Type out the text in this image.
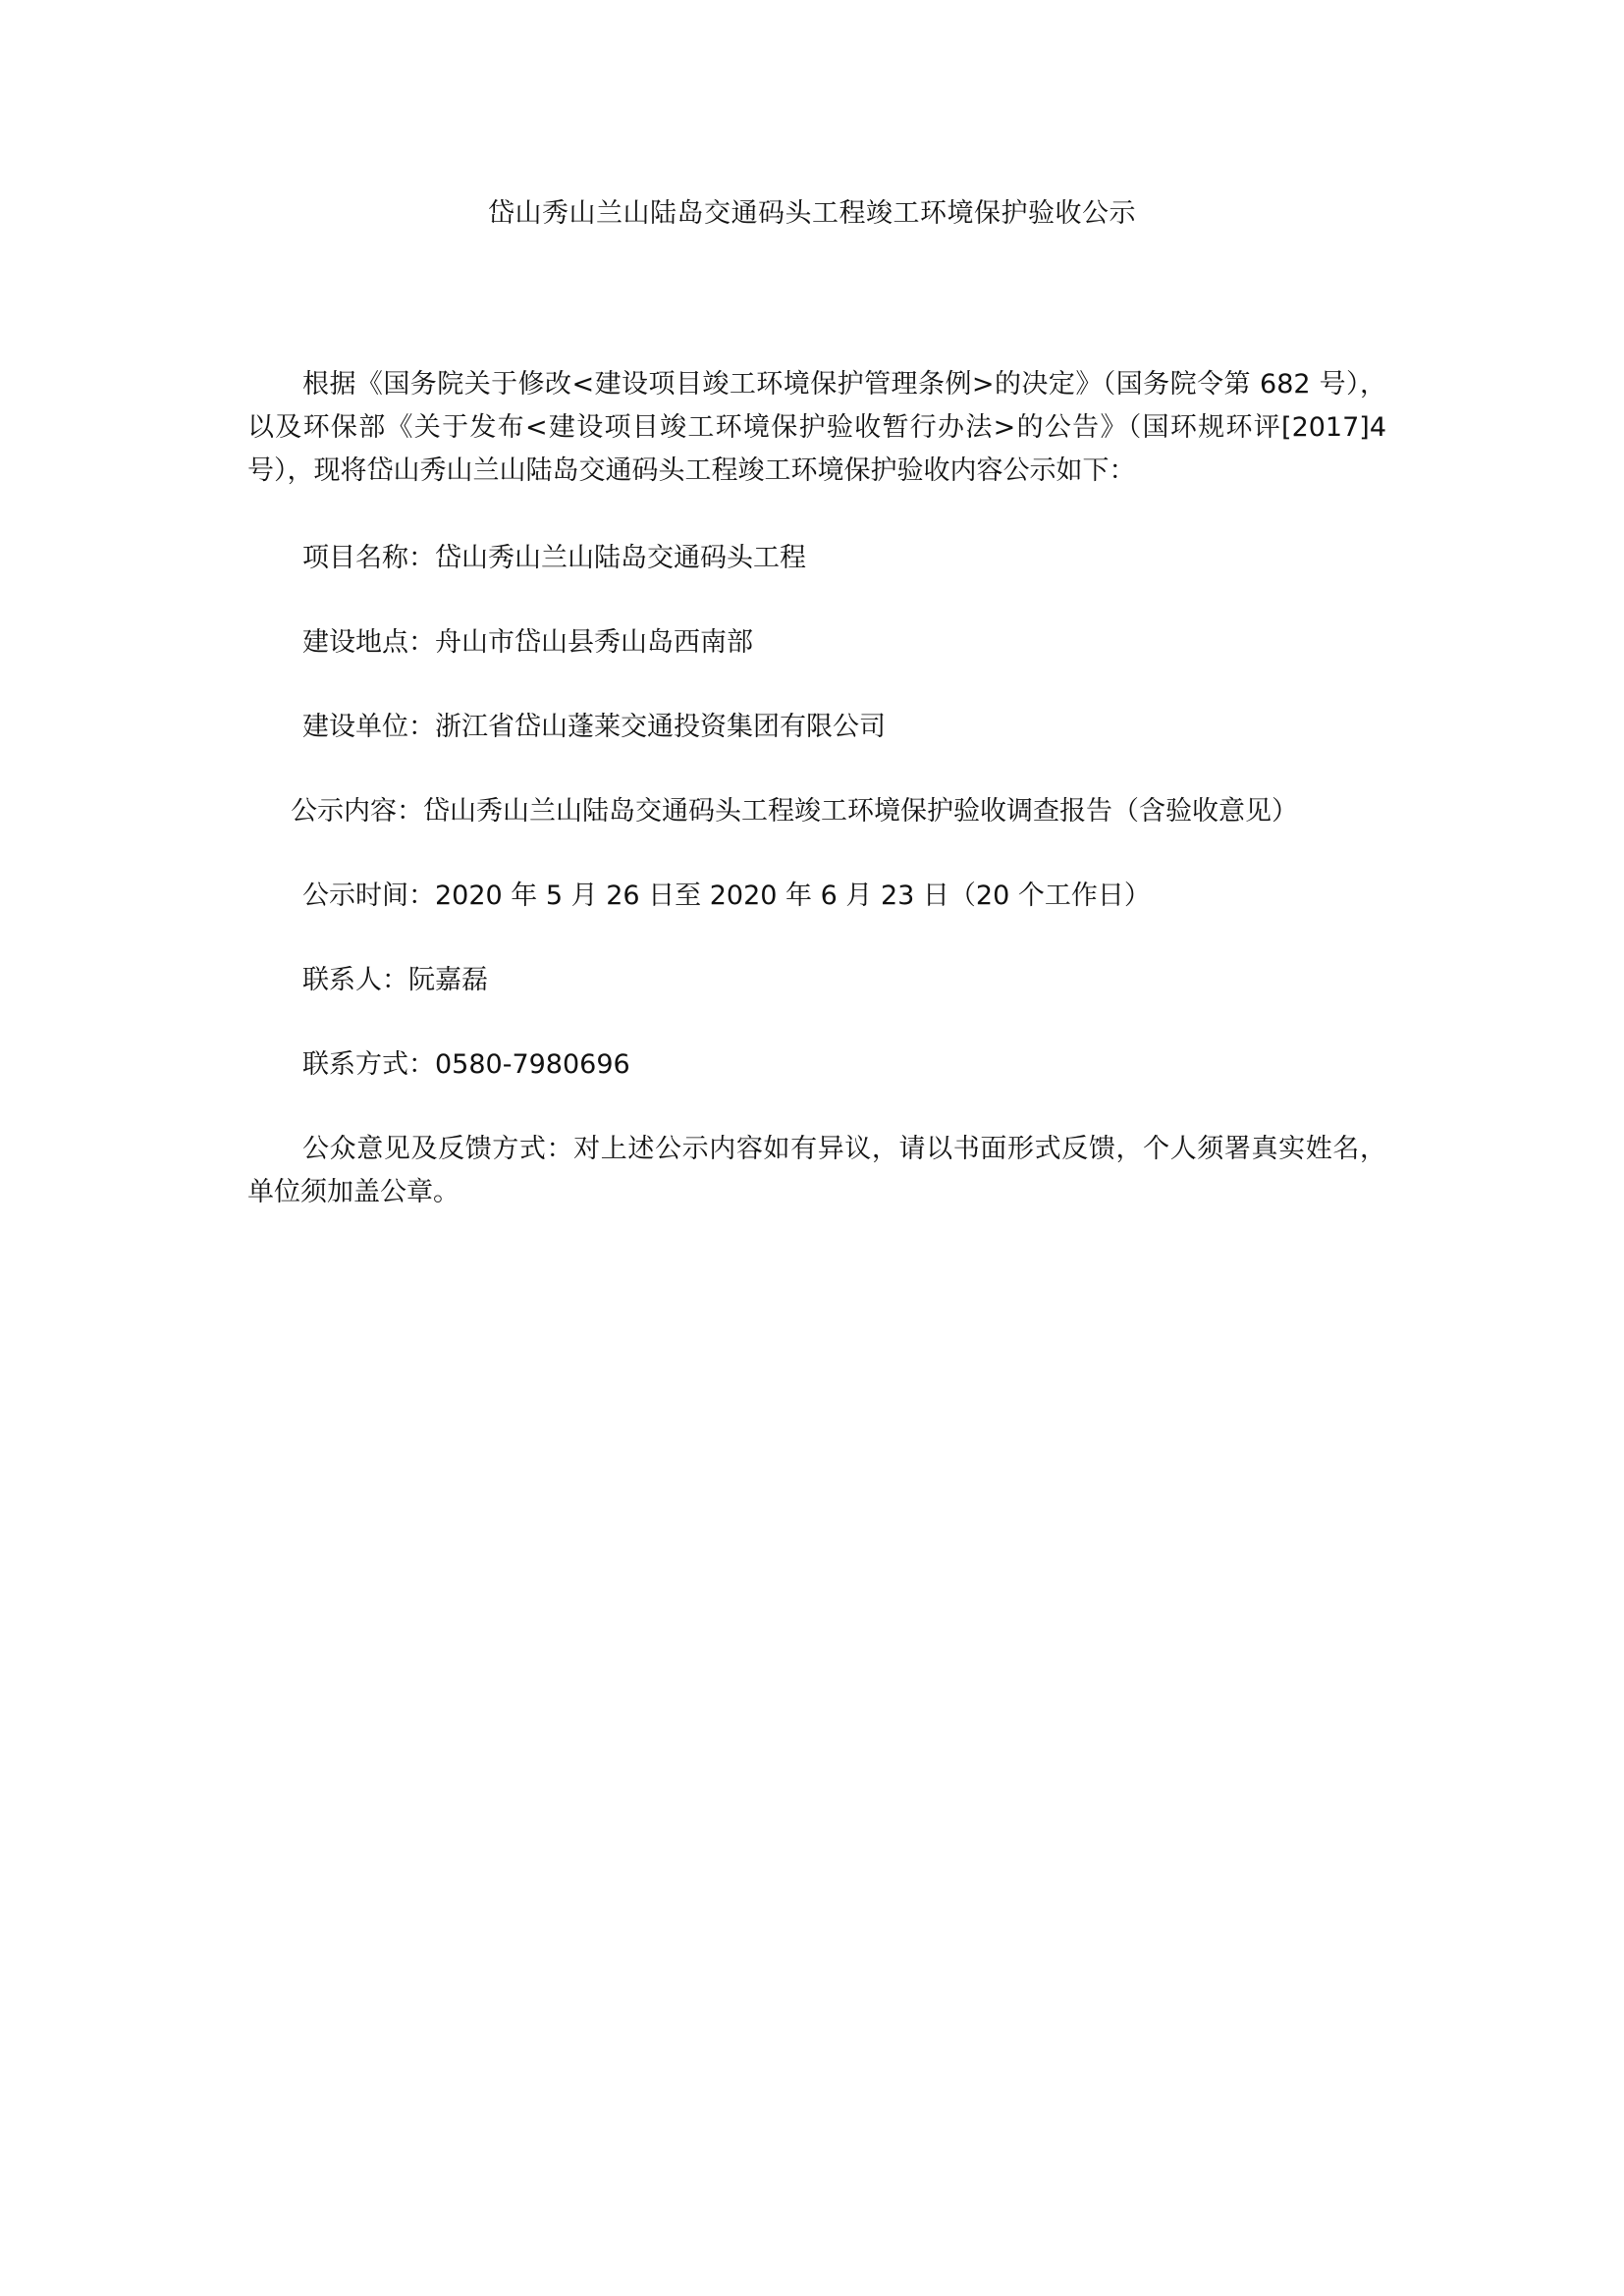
岱山秀山兰山陆岛交通码头工程竣工环境保护验收公示

根据《国务院关于修改<建设项目竣工环境保护管理条例>的决定》（国务院令第 682 号），以及环保部《关于发布<建设项目竣工环境保护验收暂行办法>的公告》（国环规环评[2017]4号），现将岱山秀山兰山陆岛交通码头工程竣工环境保护验收内容公示如下：

项目名称：岱山秀山兰山陆岛交通码头工程

建设地点：舟山市岱山县秀山岛西南部

建设单位：浙江省岱山蓬莱交通投资集团有限公司

公示内容：岱山秀山兰山陆岛交通码头工程竣工环境保护验收调查报告（含验收意见）

公示时间：2020 年 5 月 26 日至 2020 年 6 月 23 日（20 个工作日）

联系人：阮嘉磊

联系方式：0580-7980696

公众意见及反馈方式：对上述公示内容如有异议，请以书面形式反馈，个人须署真实姓名，单位须加盖公章。
